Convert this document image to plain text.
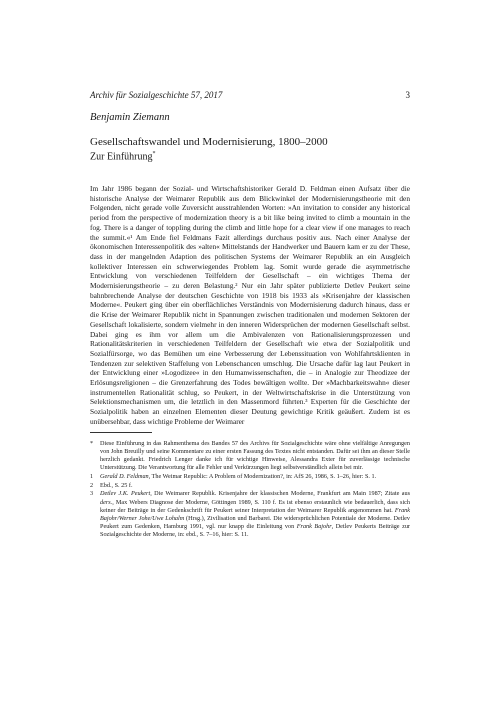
Archiv für Sozialgeschichte 57, 2017	3
Benjamin Ziemann
Gesellschaftswandel und Modernisierung, 1800–2000
Zur Einführung*

Im Jahr 1986 begann der Sozial- und Wirtschaftshistoriker Gerald D. Feldman einen Aufsatz über die historische Analyse der Weimarer Republik aus dem Blickwinkel der Modernisierungstheorie mit den Folgenden, nicht gerade volle Zuversicht ausstrahlenden Worten: »An invitation to consider any historical period from the perspective of modernization theory is a bit like being invited to climb a mountain in the fog. There is a danger of toppling during the climb and little hope for a clear view if one manages to reach the summit.«¹ Am Ende fiel Feldmans Fazit allerdings durchaus positiv aus. Nach einer Analyse der ökonomischen Interessenpolitik des »alten« Mittelstands der Handwerker und Bauern kam er zu der These, dass in der mangelnden Adaption des politischen Systems der Weimarer Republik an ein Ausgleich kollektiver Interessen ein schwerwiegendes Problem lag. Somit wurde gerade die asymmetrische Entwicklung von verschiedenen Teilfeldern der Gesellschaft – ein wichtiges Thema der Modernisierungstheorie – zu deren Belastung.² Nur ein Jahr später publizierte Detlev Peukert seine bahnbrechende Analyse der deutschen Geschichte von 1918 bis 1933 als »Krisenjahre der klassischen Moderne«. Peukert ging über ein oberflächliches Verständnis von Modernisierung dadurch hinaus, dass er die Krise der Weimarer Republik nicht in Spannungen zwischen traditionalen und modernen Sektoren der Gesellschaft lokalisierte, sondern vielmehr in den inneren Widersprüchen der modernen Gesellschaft selbst. Dabei ging es ihm vor allem um die Ambivalenzen von Rationalisierungsprozessen und Rationalitätskriterien in verschiedenen Teilfeldern der Gesellschaft wie etwa der Sozialpolitik und Sozialfürsorge, wo das Bemühen um eine Verbesserung der Lebenssituation von Wohlfahrtsklienten in Tendenzen zur selektiven Staffelung von Lebenschancen umschlug. Die Ursache dafür lag laut Peukert in der Entwicklung einer »Logodizee« in den Humanwissenschaften, die – in Analogie zur Theodizee der Erlösungsreligionen – die Grenzerfahrung des Todes bewältigen wollte. Der »Machbarkeitswahn« dieser instrumentellen Rationalität schlug, so Peukert, in der Weltwirtschaftskrise in die Unterstützung von Selektionsmechanismen um, die letztlich in den Massenmord führten.³ Experten für die Geschichte der Sozialpolitik haben an einzelnen Elementen dieser Deutung gewichtige Kritik geäußert. Zudem ist es unübersehbar, dass wichtige Probleme der Weimarer

* Diese Einführung in das Rahmenthema des Bandes 57 des Archivs für Sozialgeschichte wäre ohne vielfältige Anregungen von John Breuilly und seine Kommentare zu einer ersten Fassung des Textes nicht entstanden. Dafür sei ihm an dieser Stelle herzlich gedankt. Friedrich Lenger danke ich für wichtige Hinweise, Alessandra Exter für zuverlässige technische Unterstützung. Die Verantwortung für alle Fehler und Verkürzungen liegt selbstverständlich allein bei mir.

1 Gerald D. Feldman, The Weimar Republic: A Problem of Modernization?, in: AfS 26, 1986, S. 1–26, hier: S. 1.

2 Ebd., S. 25 f.

3 Detlev J.K. Peukert, Die Weimarer Republik. Krisenjahre der klassischen Moderne, Frankfurt am Main 1987; Zitate aus ders., Max Webers Diagnose der Moderne, Göttingen 1989, S. 110 f. Es ist ebenso erstaunlich wie bedauerlich, dass sich keiner der Beiträge in der Gedenkschrift für Peukert seiner Interpretation der Weimarer Republik angenommen hat. Frank Bajohr/Werner Johe/Uwe Lohalm (Hrsg.), Zivilisation und Barbarei. Die widersprüchlichen Potentiale der Moderne. Detlev Peukert zum Gedenken, Hamburg 1991, vgl. nur knapp die Einleitung von Frank Bajohr, Detlev Peukerts Beiträge zur Sozialgeschichte der Moderne, in: ebd., S. 7–16, hier: S. 11.
